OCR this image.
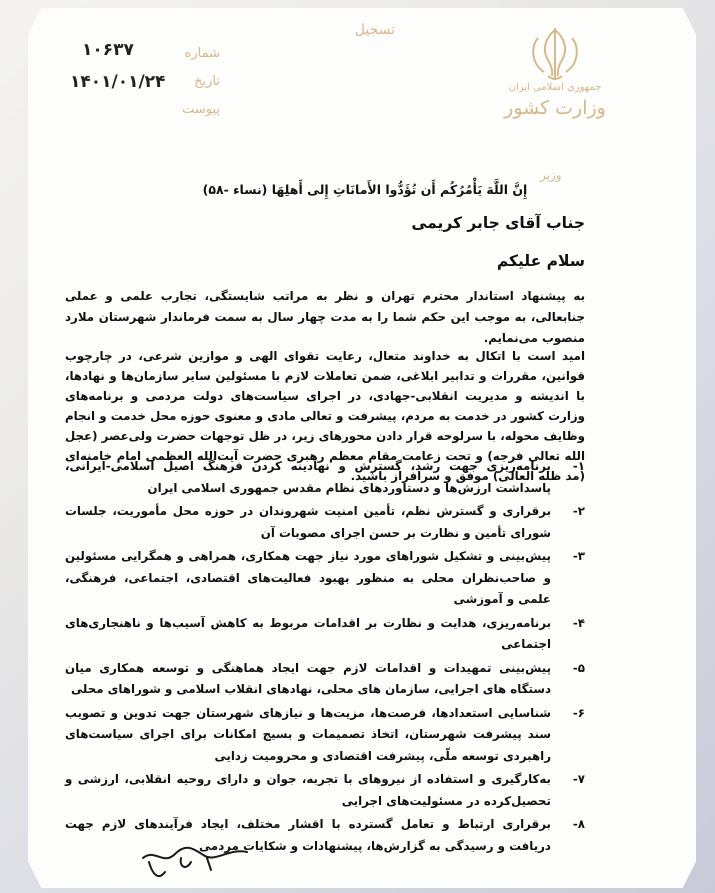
۱۰۶۳۷
۱۴۰۱/۰۱/۲۴
شماره
تاریخ
پیوست
تسجیل
جمهوری اسلامی ایران
وزارت کشور
وزیر
إِنَّ اللَّهَ يَأْمُرُكُم أَن تُؤَدُّوا الأَمانَاتِ إِلى أَهلِهَا (نساء -۵۸)
جناب آقای جابر کریمی
سلام علیکم
به پیشنهاد استاندار محترم تهران و نظر به مراتب شایستگی، تجارب علمی و عملی جنابعالی، به موجب این حکم شما را به مدت چهار سال به سمت فرماندار شهرستان ملارد منصوب می‌نمایم.
امید است با اتکال به خداوند متعال، رعایت تقوای الهی و موازین شرعی، در چارچوب قوانین، مقررات و تدابیر ابلاغی، ضمن تعاملات لازم با مسئولین سایر سازمان‌ها و نهادها، با اندیشه و مدیریت انقلابی-جهادی، در اجرای سیاست‌های دولت مردمی و برنامه‌های وزارت کشور در خدمت به مردم، پیشرفت و تعالی مادی و معنوی حوزه محل خدمت و انجام وظایف محوله، با سرلوحه قرار دادن محورهای زیر، در ظل توجهات حضرت ولی‌عصر (عجل الله تعالی فرجه) و تحت زعامت مقام معظم رهبری حضرت آیت‌الله العظمی امام خامنه‌ای (مد ظله العالی) موفق و سرافراز باشید.
۱-
برنامه‌ریزی جهت رشد، گسترش و نهادینه کردن فرهنگ اصیل اسلامی-ایرانی، پاسداشت ارزش‌ها و دستاوردهای نظام مقدس جمهوری اسلامی ایران
۲-
برقراری و گسترش نظم، تأمین امنیت شهروندان در حوزه محل مأموریت، جلسات شورای تأمین و نظارت بر حسن اجرای مصوبات آن
۳-
پیش‌بینی و تشکیل شوراهای مورد نیاز جهت همکاری، همراهی و همگرایی مسئولین و صاحب‌نظران محلی به منظور بهبود فعالیت‌های اقتصادی، اجتماعی، فرهنگی، علمی و آموزشی
۴-
برنامه‌ریزی، هدایت و نظارت بر اقدامات مربوط به کاهش آسیب‌ها و ناهنجاری‌های اجتماعی
۵-
پیش‌بینی تمهیدات و اقدامات لازم جهت ایجاد هماهنگی و توسعه همکاری میان دستگاه های اجرایی، سازمان های محلی، نهادهای انقلاب اسلامی و شوراهای محلی
۶-
شناسایی استعدادها، فرصت‌ها، مزیت‌ها و نیازهای شهرستان جهت تدوین و تصویب سند پیشرفت شهرستان، اتخاذ تصمیمات و بسیج امکانات برای اجرای سیاست‌های راهبردی توسعه ملّی، پیشرفت اقتصادی و محرومیت زدایی
۷-
به‌کارگیری و استفاده از نیروهای با تجربه، جوان و دارای روحیه انقلابی، ارزشی و تحصیل‌کرده در مسئولیت‌های اجرایی
۸-
برقراری ارتباط و تعامل گسترده با اقشار مختلف، ایجاد فرآیندهای لازم جهت دریافت و رسیدگی به گزارش‌ها، پیشنهادات و شکایات مردمی
